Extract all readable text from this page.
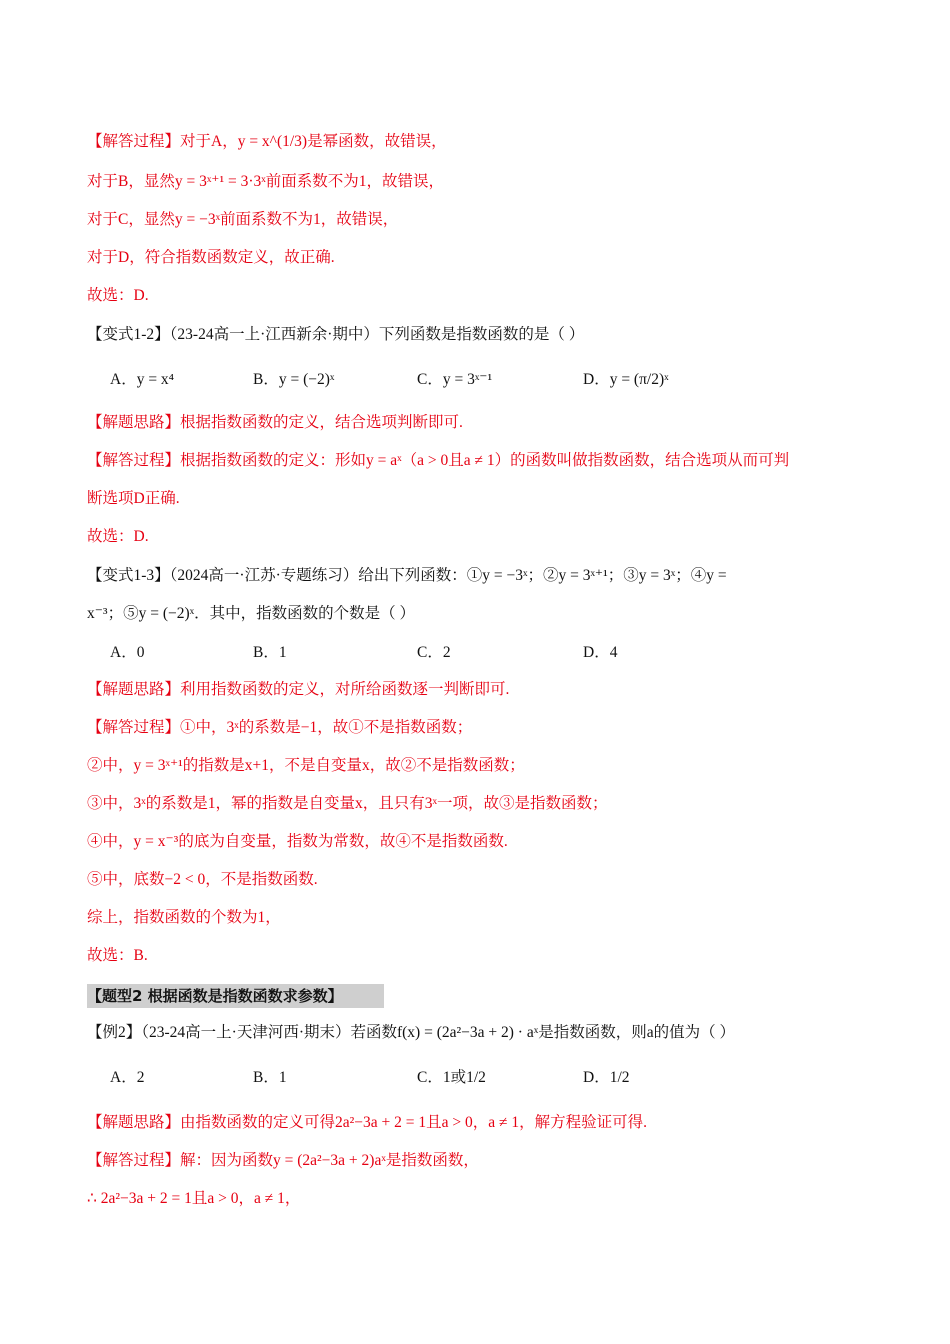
【解答过程】对于A，y = x^(1/3)是幂函数，故错误，
对于B，显然y = 3ˣ⁺¹ = 3·3ˣ前面系数不为1，故错误，
对于C，显然y = −3ˣ前面系数不为1，故错误，
对于D，符合指数函数定义，故正确.
故选：D.
【变式1-2】（23-24高一上·江西新余·期中）下列函数是指数函数的是（ ）
A．y = x⁴	B．y = (−2)ˣ	C．y = 3ˣ⁻¹	D．y = (π/2)ˣ
【解题思路】根据指数函数的定义，结合选项判断即可.
【解答过程】根据指数函数的定义：形如y = aˣ（a > 0且a ≠ 1）的函数叫做指数函数，结合选项从而可判
断选项D正确.
故选：D.
【变式1-3】（2024高一·江苏·专题练习）给出下列函数：①y = −3ˣ；②y = 3ˣ⁺¹；③y = 3ˣ；④y =
x⁻³；⑤y = (−2)ˣ．其中，指数函数的个数是（ ）
A．0	B．1	C．2	D．4
【解题思路】利用指数函数的定义，对所给函数逐一判断即可.
【解答过程】①中，3ˣ的系数是−1，故①不是指数函数；
②中，y = 3ˣ⁺¹的指数是x+1，不是自变量x，故②不是指数函数；
③中，3ˣ的系数是1，幂的指数是自变量x，且只有3ˣ一项，故③是指数函数；
④中，y = x⁻³的底为自变量，指数为常数，故④不是指数函数.
⑤中，底数−2 < 0，不是指数函数.
综上，指数函数的个数为1，
故选：B.
【题型2 根据函数是指数函数求参数】
【例2】（23-24高一上·天津河西·期末）若函数f(x) = (2a²−3a + 2) · aˣ是指数函数，则a的值为（ ）
A．2	B．1	C．1或1/2	D．1/2
【解题思路】由指数函数的定义可得2a²−3a + 2 = 1且a > 0，a ≠ 1，解方程验证可得.
【解答过程】解：因为函数y = (2a²−3a + 2)aˣ是指数函数，
∴ 2a²−3a + 2 = 1且a > 0，a ≠ 1，
